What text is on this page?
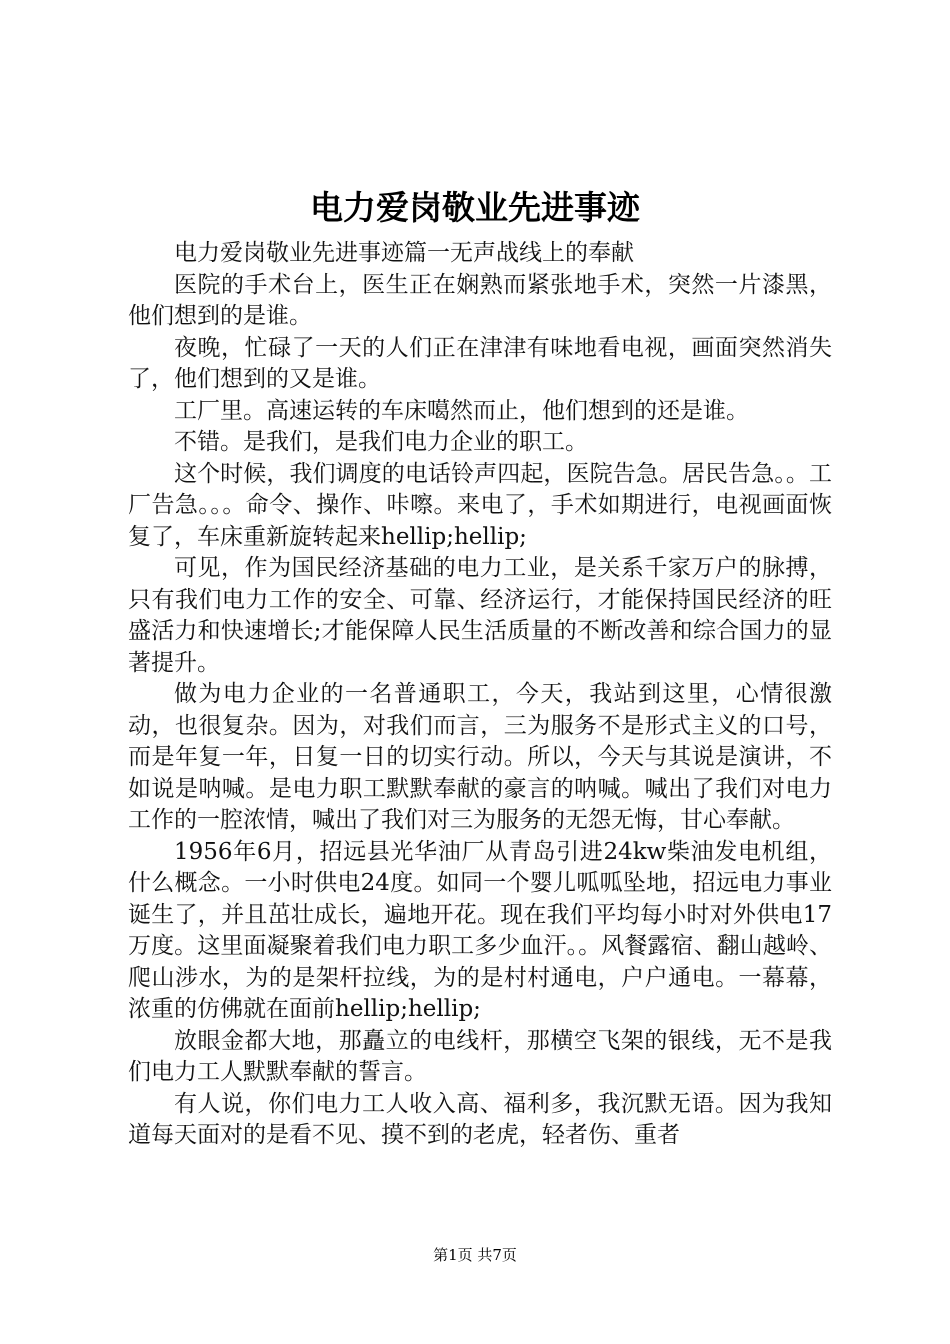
电力爱岗敬业先进事迹

电力爱岗敬业先进事迹篇一无声战线上的奉献

医院的手术台上，医生正在娴熟而紧张地手术，突然一片漆黑，他们想到的是谁。

夜晚，忙碌了一天的人们正在津津有味地看电视，画面突然消失了，他们想到的又是谁。

工厂里。高速运转的车床噶然而止，他们想到的还是谁。

不错。是我们，是我们电力企业的职工。

这个时候，我们调度的电话铃声四起，医院告急。居民告急。。工厂告急。。。命令、操作、咔嚓。来电了，手术如期进行，电视画面恢复了，车床重新旋转起来hellip;hellip;

可见，作为国民经济基础的电力工业，是关系千家万户的脉搏，只有我们电力工作的安全、可靠、经济运行，才能保持国民经济的旺盛活力和快速增长;才能保障人民生活质量的不断改善和综合国力的显著提升。

做为电力企业的一名普通职工，今天，我站到这里，心情很激动，也很复杂。因为，对我们而言，三为服务不是形式主义的口号，而是年复一年，日复一日的切实行动。所以，今天与其说是演讲，不如说是呐喊。是电力职工默默奉献的豪言的呐喊。喊出了我们对电力工作的一腔浓情，喊出了我们对三为服务的无怨无悔，甘心奉献。

1956年6月，招远县光华油厂从青岛引进24kw柴油发电机组，什么概念。一小时供电24度。如同一个婴儿呱呱坠地，招远电力事业诞生了，并且茁壮成长，遍地开花。现在我们平均每小时对外供电17万度。这里面凝聚着我们电力职工多少血汗。。风餐露宿、翻山越岭、爬山涉水，为的是架杆拉线，为的是村村通电，户户通电。一幕幕，浓重的仿佛就在面前hellip;hellip;

放眼金都大地，那矗立的电线杆，那横空飞架的银线，无不是我们电力工人默默奉献的誓言。

有人说，你们电力工人收入高、福利多，我沉默无语。因为我知道每天面对的是看不见、摸不到的老虎，轻者伤、重者

第1页 共7页
